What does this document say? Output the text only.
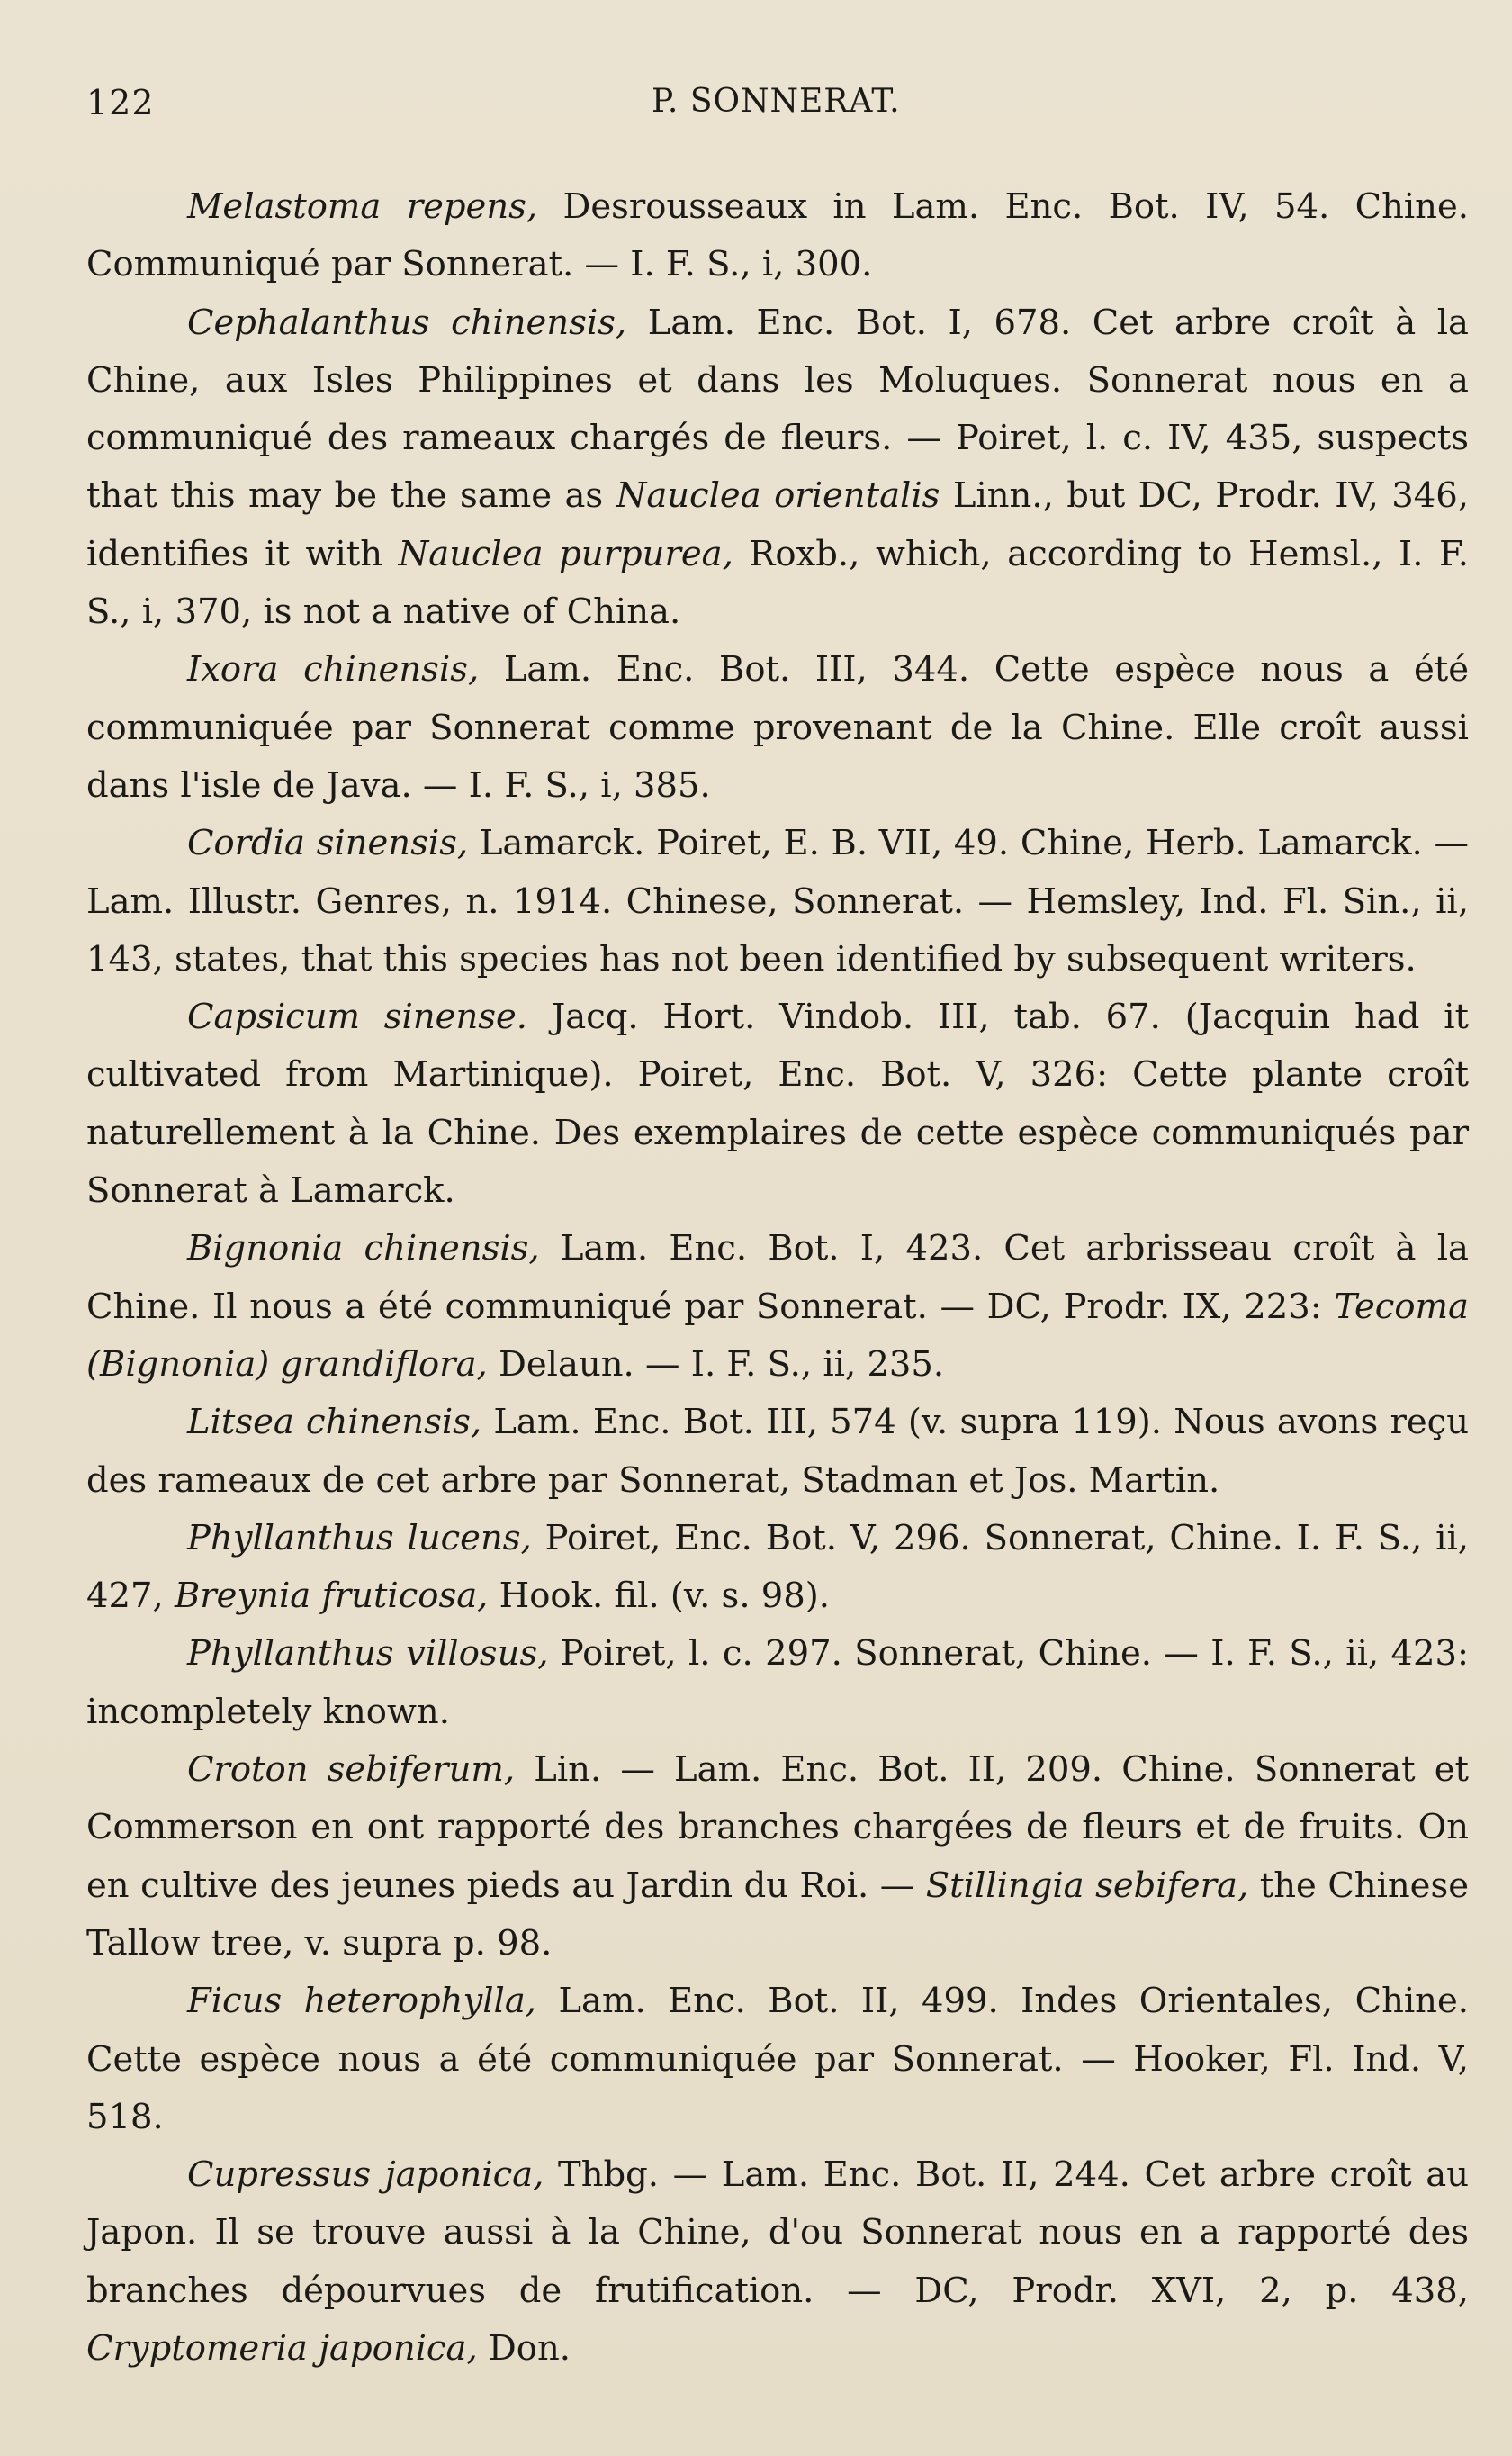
122	P. SONNERAT.

Melastoma repens, Desrousseaux in Lam. Enc. Bot. IV, 54. Chine. Communiqué par Sonnerat. — I. F. S., i, 300.

Cephalanthus chinensis, Lam. Enc. Bot. I, 678. Cet arbre croît à la Chine, aux Isles Philippines et dans les Moluques. Sonnerat nous en a communiqué des rameaux chargés de fleurs. — Poiret, l. c. IV, 435, suspects that this may be the same as Nauclea orientalis Linn., but DC, Prodr. IV, 346, identifies it with Nauclea purpurea, Roxb., which, according to Hemsl., I. F. S., i, 370, is not a native of China.

Ixora chinensis, Lam. Enc. Bot. III, 344. Cette espèce nous a été communiquée par Sonnerat comme provenant de la Chine. Elle croît aussi dans l'isle de Java. — I. F. S., i, 385.

Cordia sinensis, Lamarck. Poiret, E. B. VII, 49. Chine, Herb. Lamarck. — Lam. Illustr. Genres, n. 1914. Chinese, Sonnerat. — Hemsley, Ind. Fl. Sin., ii, 143, states, that this species has not been identified by subsequent writers.

Capsicum sinense. Jacq. Hort. Vindob. III, tab. 67. (Jacquin had it cultivated from Martinique). Poiret, Enc. Bot. V, 326: Cette plante croît naturellement à la Chine. Des exemplaires de cette espèce communiqués par Sonnerat à Lamarck.

Bignonia chinensis, Lam. Enc. Bot. I, 423. Cet arbrisseau croît à la Chine. Il nous a été communiqué par Sonnerat. — DC, Prodr. IX, 223: Tecoma (Bignonia) grandiflora, Delaun. — I. F. S., ii, 235.

Litsea chinensis, Lam. Enc. Bot. III, 574 (v. supra 119). Nous avons reçu des rameaux de cet arbre par Sonnerat, Stadman et Jos. Martin.

Phyllanthus lucens, Poiret, Enc. Bot. V, 296. Sonnerat, Chine. I. F. S., ii, 427, Breynia fruticosa, Hook. fil. (v. s. 98).

Phyllanthus villosus, Poiret, l. c. 297. Sonnerat, Chine. — I. F. S., ii, 423: incompletely known.

Croton sebiferum, Lin. — Lam. Enc. Bot. II, 209. Chine. Sonnerat et Commerson en ont rapporté des branches chargées de fleurs et de fruits. On en cultive des jeunes pieds au Jardin du Roi. — Stillingia sebifera, the Chinese Tallow tree, v. supra p. 98.

Ficus heterophylla, Lam. Enc. Bot. II, 499. Indes Orientales, Chine. Cette espèce nous a été communiquée par Sonnerat. — Hooker, Fl. Ind. V, 518.

Cupressus japonica, Thbg. — Lam. Enc. Bot. II, 244. Cet arbre croît au Japon. Il se trouve aussi à la Chine, d'ou Sonnerat nous en a rapporté des branches dépourvues de frutification. — DC, Prodr. XVI, 2, p. 438, Cryptomeria japonica, Don.
